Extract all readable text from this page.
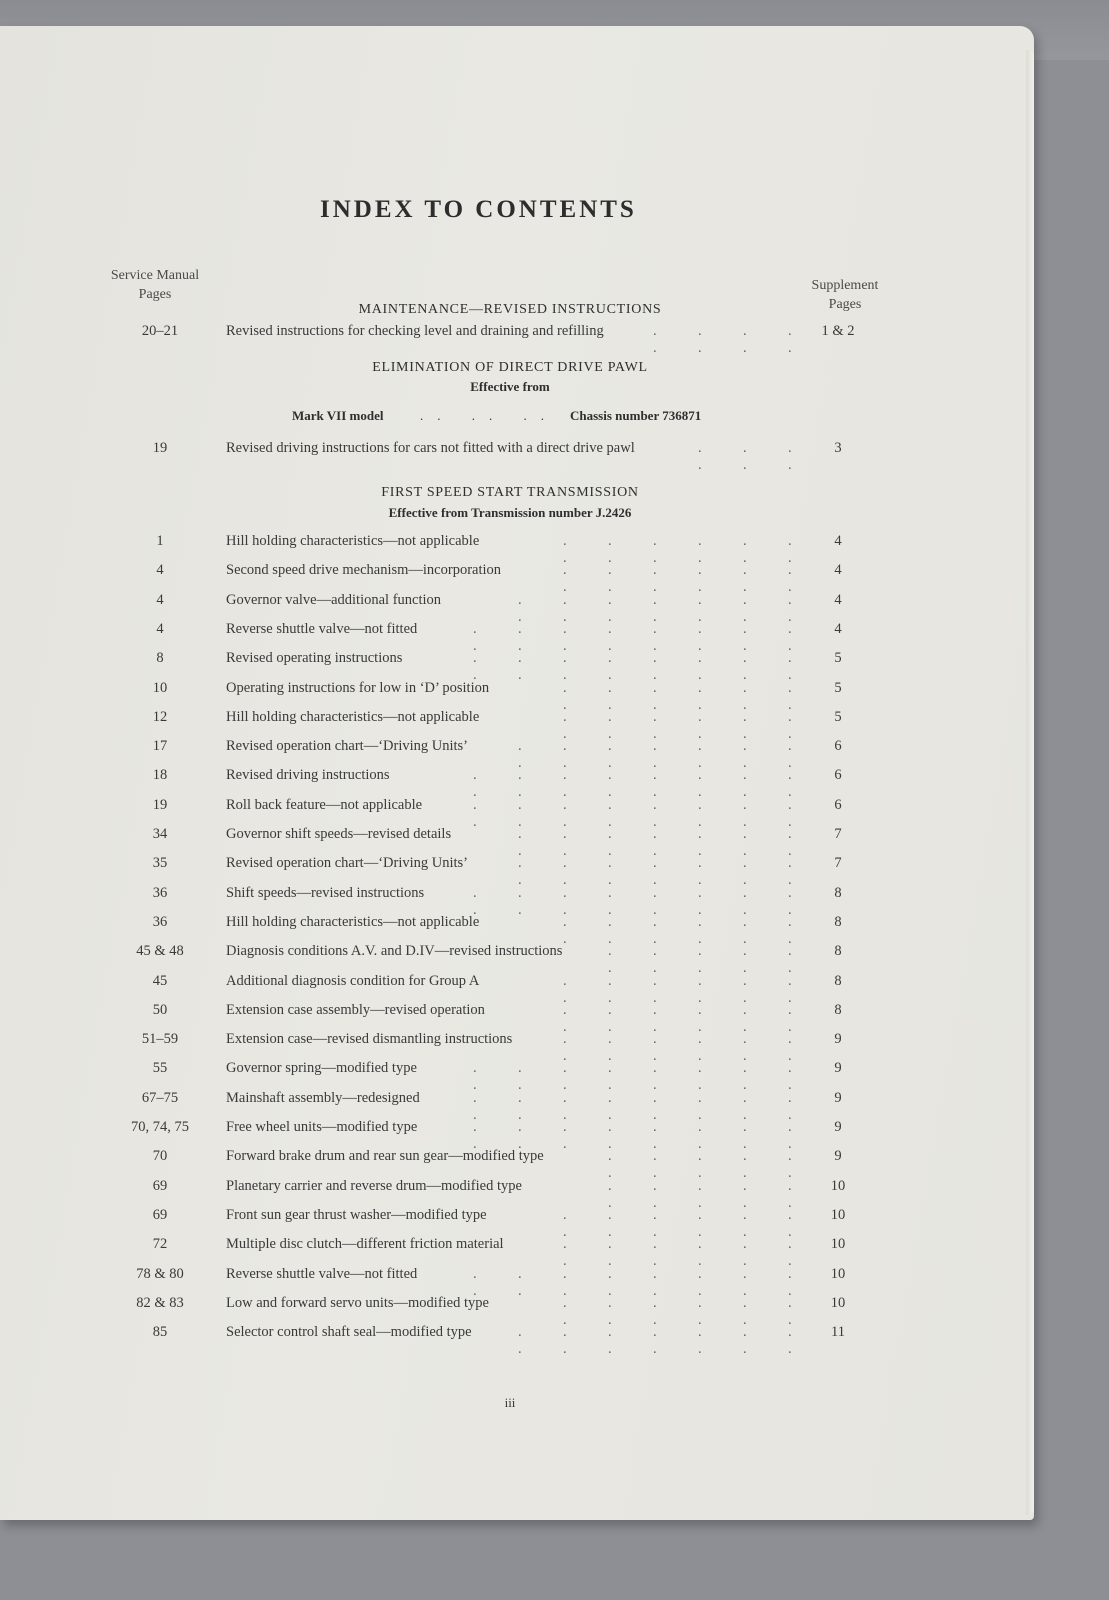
INDEX TO CONTENTS
Service Manual
Pages
Supplement
Pages
MAINTENANCE—REVISED INSTRUCTIONS
20–21	Revised instructions for checking level and draining and refilling	1 & 2
. .
. .
. .
. .
ELIMINATION OF DIRECT DRIVE PAWL
Effective from
Mark VII model	.. .. .. Chassis number 736871
19	Revised driving instructions for cars not fitted with a direct drive pawl	3
. .
. .
. .
FIRST SPEED START TRANSMISSION
Effective from Transmission number J.2426
1	Hill holding characteristics—not applicable	4
. .
. .
. .
. .
. .
. .
4	Second speed drive mechanism—incorporation	4
. .
. .
. .
. .
. .
. .
4	Governor valve—additional function	4
. .
. .
. .
. .
. .
. .
. .
4	Reverse shuttle valve—not fitted	4
. .
. .
. .
. .
. .
. .
. .
. .
8	Revised operating instructions	5
. .
. .
. .
. .
. .
. .
. .
. .
10	Operating instructions for low in ‘D’ position	5
. .
. .
. .
. .
. .
. .
12	Hill holding characteristics—not applicable	5
. .
. .
. .
. .
. .
. .
17	Revised operation chart—‘Driving Units’	6
. .
. .
. .
. .
. .
. .
. .
18	Revised driving instructions	6
. .
. .
. .
. .
. .
. .
. .
. .
19	Roll back feature—not applicable	6
. .
. .
. .
. .
. .
. .
. .
. .
34	Governor shift speeds—revised details	7
. .
. .
. .
. .
. .
. .
. .
35	Revised operation chart—‘Driving Units’	7
. .
. .
. .
. .
. .
. .
. .
36	Shift speeds—revised instructions	8
. .
. .
. .
. .
. .
. .
. .
. .
36	Hill holding characteristics—not applicable	8
. .
. .
. .
. .
. .
. .
45 & 48	Diagnosis conditions A.V. and D.IV—revised instructions	8
. .
. .
. .
. .
. .
45	Additional diagnosis condition for Group A	8
. .
. .
. .
. .
. .
. .
50	Extension case assembly—revised operation	8
. .
. .
. .
. .
. .
. .
51–59	Extension case—revised dismantling instructions	9
. .
. .
. .
. .
. .
. .
55	Governor spring—modified type	9
. .
. .
. .
. .
. .
. .
. .
. .
67–75	Mainshaft assembly—redesigned	9
. .
. .
. .
. .
. .
. .
. .
. .
70, 74, 75	Free wheel units—modified type	9
. .
. .
. .
. .
. .
. .
. .
. .
70	Forward brake drum and rear sun gear—modified type	9
. .
. .
. .
. .
. .
69	Planetary carrier and reverse drum—modified type	10
. .
. .
. .
. .
. .
69	Front sun gear thrust washer—modified type	10
. .
. .
. .
. .
. .
. .
72	Multiple disc clutch—different friction material	10
. .
. .
. .
. .
. .
. .
78 & 80	Reverse shuttle valve—not fitted	10
. .
. .
. .
. .
. .
. .
. .
. .
82 & 83	Low and forward servo units—modified type	10
. .
. .
. .
. .
. .
. .
85	Selector control shaft seal—modified type	11
. .
. .
. .
. .
. .
. .
. .
iii
